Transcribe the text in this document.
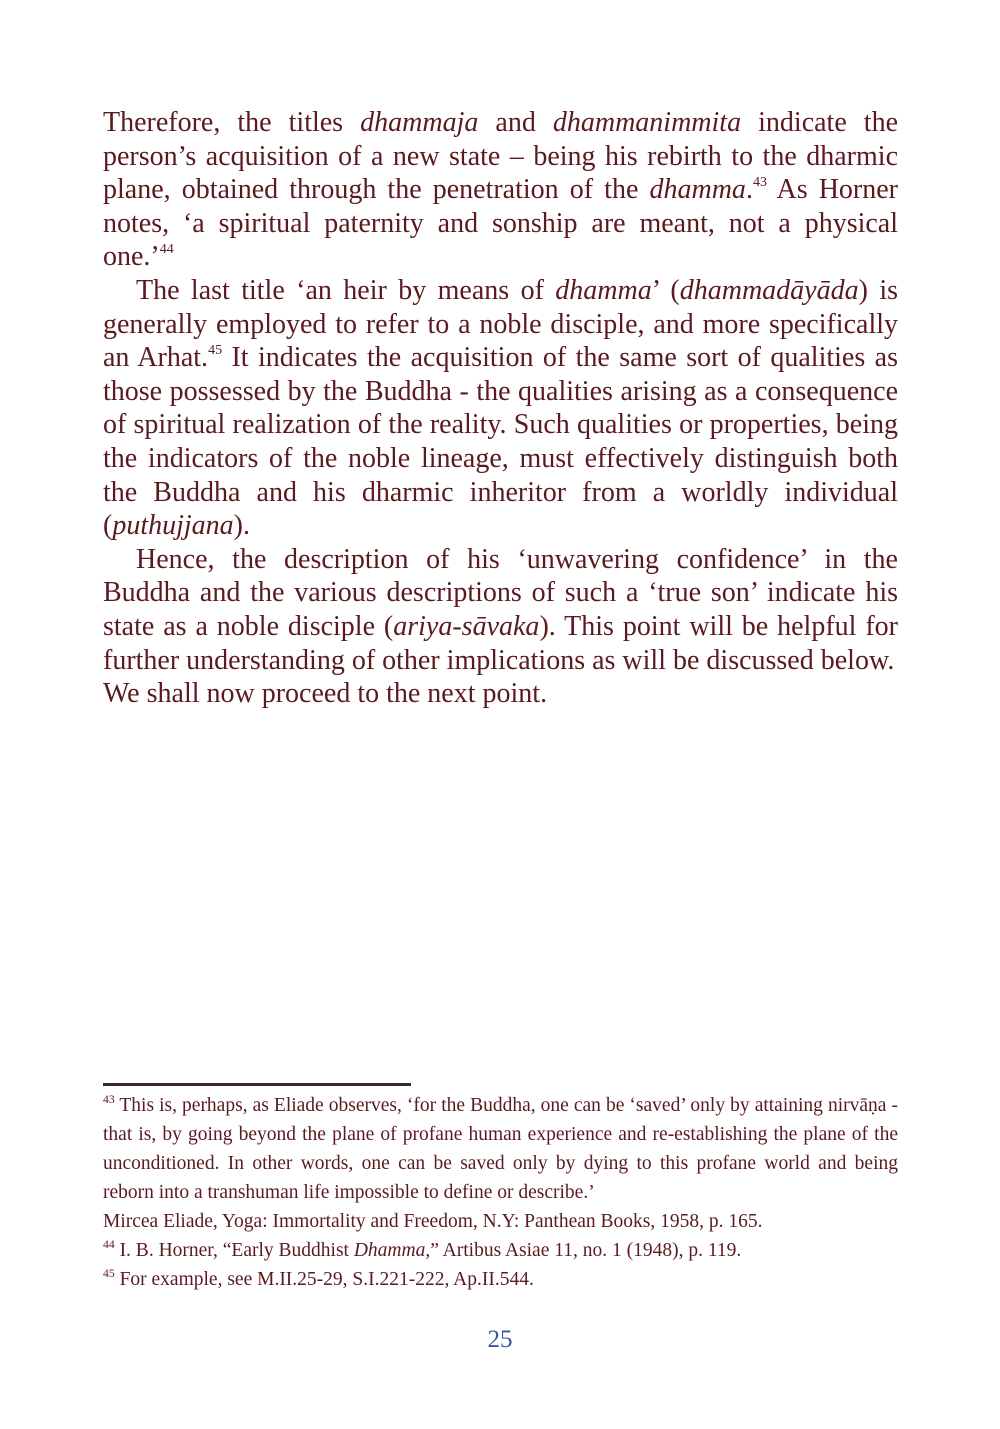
Therefore, the titles dhammaja and dhammanimmita indicate the person’s acquisition of a new state – being his rebirth to the dharmic plane, obtained through the penetration of the dhamma.$^{43}$ As Horner notes, ‘a spiritual paternity and sonship are meant, not a physical one.’$^{44}$

The last title ‘an heir by means of dhamma’ (dhammadāyāda) is generally employed to refer to a noble disciple, and more specifically an Arhat.$^{45}$ It indicates the acquisition of the same sort of qualities as those possessed by the Buddha - the qualities arising as a consequence of spiritual realization of the reality. Such qualities or properties, being the indicators of the noble lineage, must effectively distinguish both the Buddha and his dharmic inheritor from a worldly individual (puthujjana).

Hence, the description of his ‘unwavering confidence’ in the Buddha and the various descriptions of such a ‘true son’ indicate his state as a noble disciple (ariya-sāvaka). This point will be helpful for further understanding of other implications as will be discussed below.

We shall now proceed to the next point.

$^{43}$ This is, perhaps, as Eliade observes, ‘for the Buddha, one can be ‘saved’ only by attaining nirvāṇa - that is, by going beyond the plane of profane human experience and re-establishing the plane of the unconditioned. In other words, one can be saved only by dying to this profane world and being reborn into a transhuman life impossible to define or describe.’

Mircea Eliade, Yoga: Immortality and Freedom, N.Y: Panthean Books, 1958, p. 165.

$^{44}$ I. B. Horner, “Early Buddhist Dhamma,” Artibus Asiae 11, no. 1 (1948), p. 119.

$^{45}$ For example, see M.II.25-29, S.I.221-222, Ap.II.544.

25
